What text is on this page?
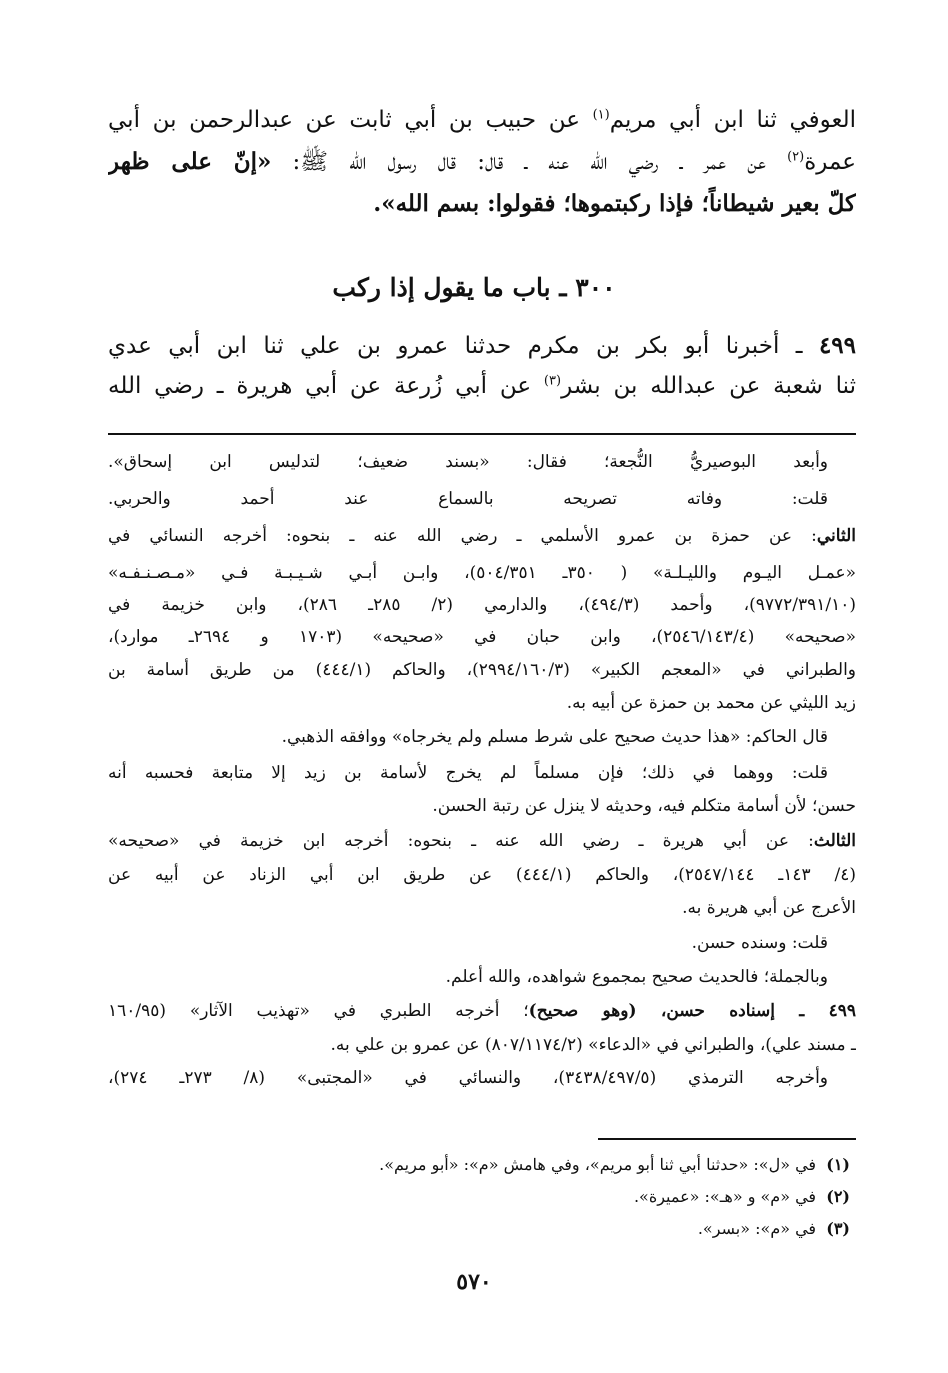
العوفي ثنا ابن أبي مريم$^{(١)}$ عن حبيب بن أبي ثابت عن عبدالرحمن بن أبي
عمرة$^{(٢)}$ عن عمر ـ رضي الله عنه ـ قال: قال رسول الله ﷺ: «إنّ على ظهر
كلّ بعير شيطاناً؛ فإذا ركبتموها؛ فقولوا: بسم الله».
٣٠٠ ـ باب ما يقول إذا ركب
٤٩٩ ـ أخبرنا أبو بكر بن مكرم حدثنا عمرو بن علي ثنا ابن أبي عدي
ثنا شعبة عن عبدالله بن بشر$^{(٣)}$ عن أبي زُرعة عن أبي هريرة ـ رضي الله
وأبعد البوصيريُّ النُّجعة؛ فقال: «بسند ضعيف؛ لتدليس ابن إسحاق».
قلت: وفاته تصريحه بالسماع عند أحمد والحربي.
الثاني: عن حمزة بن عمرو الأسلمي ـ رضي الله عنه ـ بنحوه: أخرجه النسائي في
«عمـل اليـوم والليـلـة» ( ٣٥٠ـ ٥٠٤/٣٥١)، وابـن أبـي شـيـبـة فـي «مـصـنـفـه»
(٩٧٧٢/٣٩١/١٠)، وأحمد (٤٩٤/٣)، والدارمي (٢/ ٢٨٥ـ ٢٨٦)، وابن خزيمة في
«صحيحه» (٢٥٤٦/١٤٣/٤)، وابن حبان في «صحيحه» (١٧٠٣ و ٢٦٩٤ـ موارد)،
والطبراني في «المعجم الكبير» (٢٩٩٤/١٦٠/٣)، والحاكم (٤٤٤/١) من طريق أسامة بن
زيد الليثي عن محمد بن حمزة عن أبيه به.
قال الحاكم: «هذا حديث صحيح على شرط مسلم ولم يخرجاه» ووافقه الذهبي.
قلت: ووهما في ذلك؛ فإن مسلماً لم يخرج لأسامة بن زيد إلا متابعة فحسبه أنه
حسن؛ لأن أسامة متكلم فيه، وحديثه لا ينزل عن رتبة الحسن.
الثالث: عن أبي هريرة ـ رضي الله عنه ـ بنحوه: أخرجه ابن خزيمة في «صحيحه»
(٤/ ١٤٣ـ ٢٥٤٧/١٤٤)، والحاكم (٤٤٤/١) عن طريق ابن أبي الزناد عن أبيه عن
الأعرج عن أبي هريرة به.
قلت: وسنده حسن.
وبالجملة؛ فالحديث صحيح بمجموع شواهده، والله أعلم.
٤٩٩ ـ إسناده حسن، (وهو صحيح)؛ أخرجه الطبري في «تهذيب الآثار» (١٦٠/٩٥
ـ مسند علي)، والطبراني في «الدعاء» (٨٠٧/١١٧٤/٢) عن عمرو بن علي به.
وأخرجه الترمذي (٣٤٣٨/٤٩٧/٥)، والنسائي في «المجتبى» (٨/ ٢٧٣ـ ٢٧٤)،
(١)  في «ل»: «حدثنا أبي ثنا أبو مريم»، وفي هامش «م»: «أبو مريم».
(٢)  في «م» و «هـ»: «عميرة».
(٣)  في «م»: «بسر».
٥٧٠
